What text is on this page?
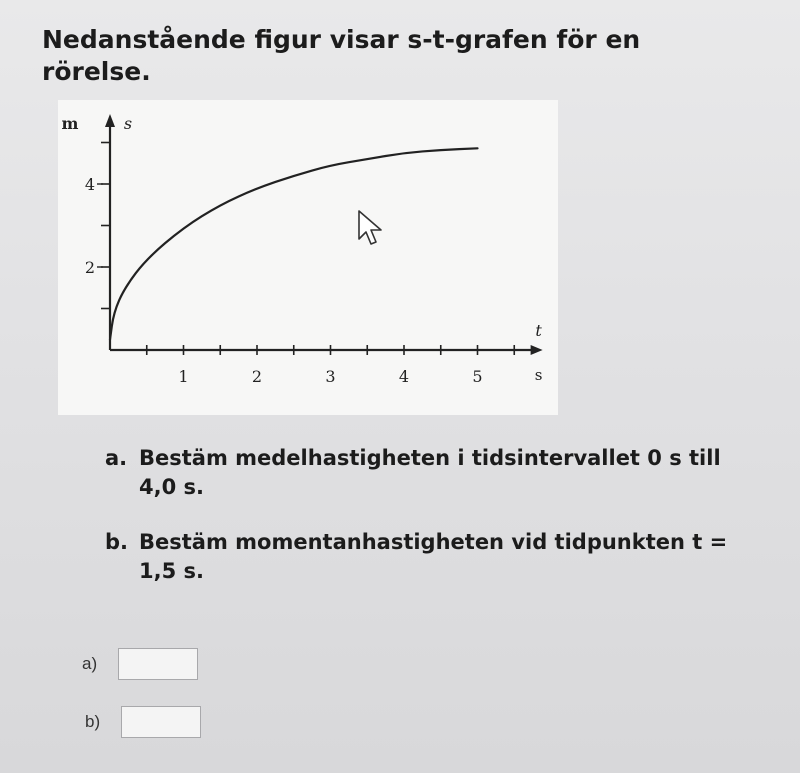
Nedanstående figur visar s-t-grafen för en rörelse.
1	2	3	4	5
2
4
m	s
t
s
a. Bestäm medelhastigheten i tidsintervallet 0 s till 4,0 s.
b. Bestäm momentanhastigheten vid tidpunkten t = 1,5 s.
a)
b)
